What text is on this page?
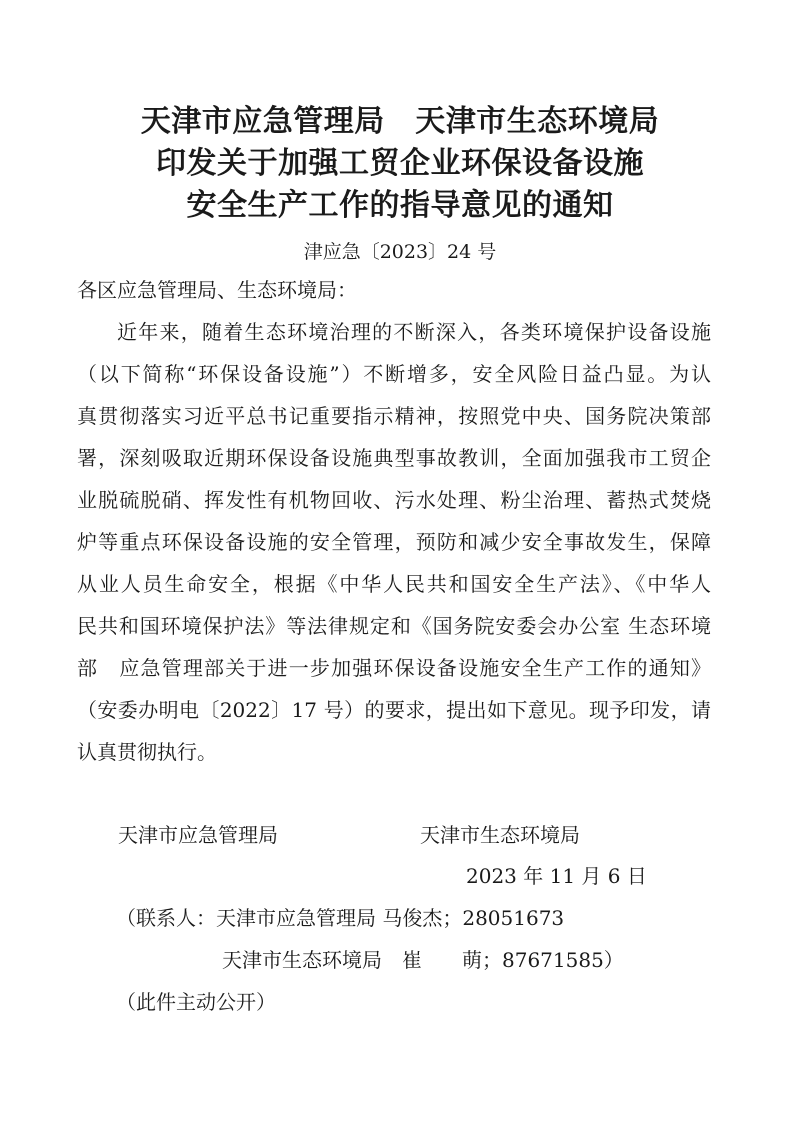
天津市应急管理局　天津市生态环境局
印发关于加强工贸企业环保设备设施
安全生产工作的指导意见的通知
津应急〔2023〕24 号
各区应急管理局、生态环境局：
近年来，随着生态环境治理的不断深入，各类环境保护设备设施
（以下简称“环保设备设施”）不断增多，安全风险日益凸显。为认
真贯彻落实习近平总书记重要指示精神，按照党中央、国务院决策部
署，深刻吸取近期环保设备设施典型事故教训，全面加强我市工贸企
业脱硫脱硝、挥发性有机物回收、污水处理、粉尘治理、蓄热式焚烧
炉等重点环保设备设施的安全管理，预防和减少安全事故发生，保障
从业人员生命安全，根据《中华人民共和国安全生产法》、《中华人
民共和国环境保护法》等法律规定和《国务院安委会办公室 生态环境
部　应急管理部关于进一步加强环保设备设施安全生产工作的通知》
（安委办明电〔2022〕17 号）的要求，提出如下意见。现予印发，请
认真贯彻执行。
天津市应急管理局	天津市生态环境局
2023 年 11 月 6 日
（联系人：天津市应急管理局 马俊杰；28051673
天津市生态环境局　崔　　萌；87671585）
（此件主动公开）
